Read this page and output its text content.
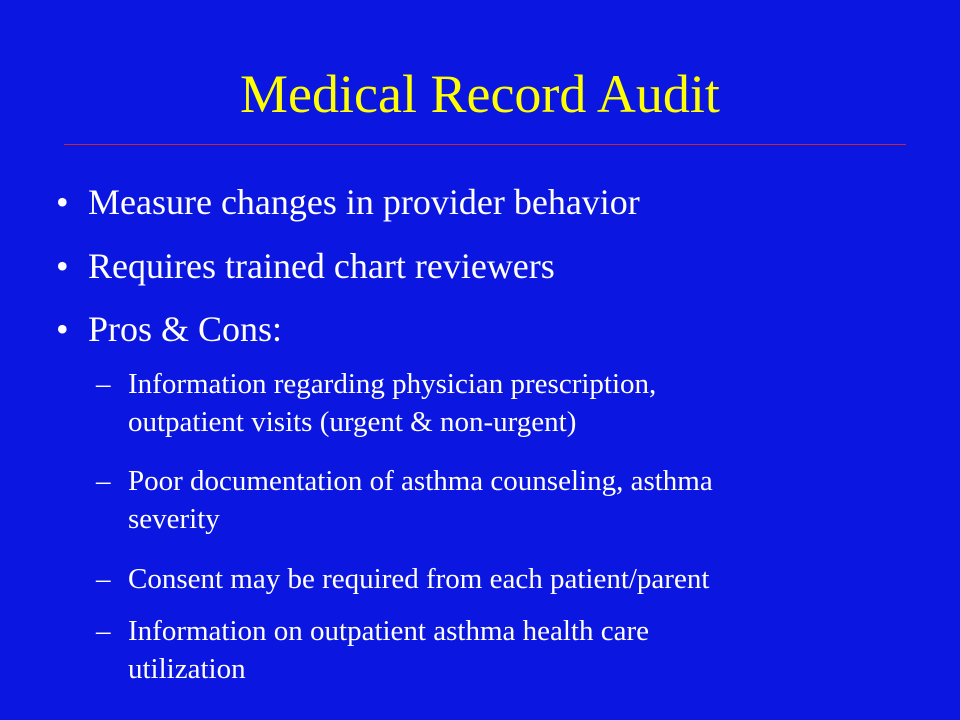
Medical Record Audit
• Measure changes in provider behavior
• Requires trained chart reviewers
• Pros & Cons:
– Information regarding physician prescription,
outpatient visits (urgent & non-urgent)
– Poor documentation of asthma counseling, asthma
severity
– Consent may be required from each patient/parent
– Information on outpatient asthma health care
utilization
